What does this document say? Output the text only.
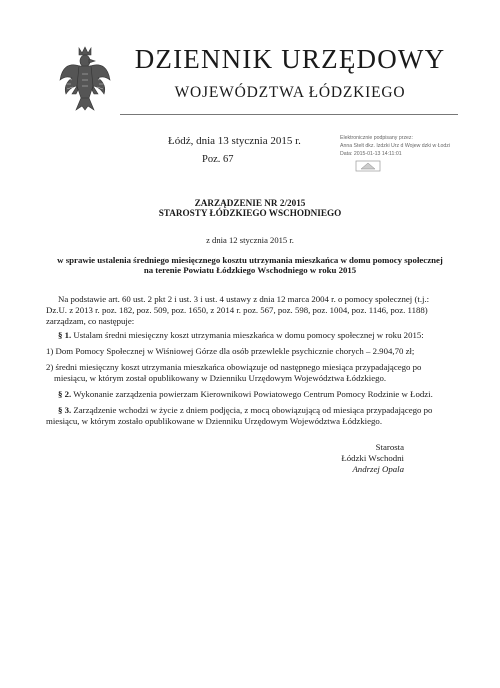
DZIENNIK URZĘDOWY
WOJEWÓDZTWA ŁÓDZKIEGO
Łódź, dnia 13 stycznia 2015 r.
Poz. 67
Elektronicznie podpisany przez:
Anna Stelt dkz. Izdzki Urz d Wojew dzki w Łodzi
Data: 2015-01-13 14:11:01
ZARZĄDZENIE NR 2/2015
STAROSTY ŁÓDZKIEGO WSCHODNIEGO
z dnia 12 stycznia 2015 r.
w sprawie ustalenia średniego miesięcznego kosztu utrzymania mieszkańca w domu pomocy społecznej
na terenie Powiatu Łódzkiego Wschodniego w roku 2015
Na podstawie art. 60 ust. 2 pkt 2 i ust. 3 i ust. 4 ustawy z dnia 12 marca 2004 r. o pomocy społecznej (t.j.:
Dz.U. z 2013 r. poz. 182, poz. 509, poz. 1650, z 2014 r. poz. 567, poz. 598, poz. 1004, poz. 1146, poz. 1188)
zarządzam, co następuje:
§ 1. Ustalam średni miesięczny koszt utrzymania mieszkańca w domu pomocy społecznej w roku 2015:
1) Dom Pomocy Społecznej w Wiśniowej Górze dla osób przewlekle psychicznie chorych – 2.904,70 zł;
2) średni miesięczny koszt utrzymania mieszkańca obowiązuje od następnego miesiąca przypadającego po
miesiącu, w którym został opublikowany w Dzienniku Urzędowym Województwa Łódzkiego.
§ 2. Wykonanie zarządzenia powierzam Kierownikowi Powiatowego Centrum Pomocy Rodzinie w Łodzi.
§ 3. Zarządzenie wchodzi w życie z dniem podjęcia, z mocą obowiązującą od miesiąca przypadającego po
miesiącu, w którym zostało opublikowane w Dzienniku Urzędowym Województwa Łódzkiego.
Starosta
Łódzki Wschodni
Andrzej Opala
